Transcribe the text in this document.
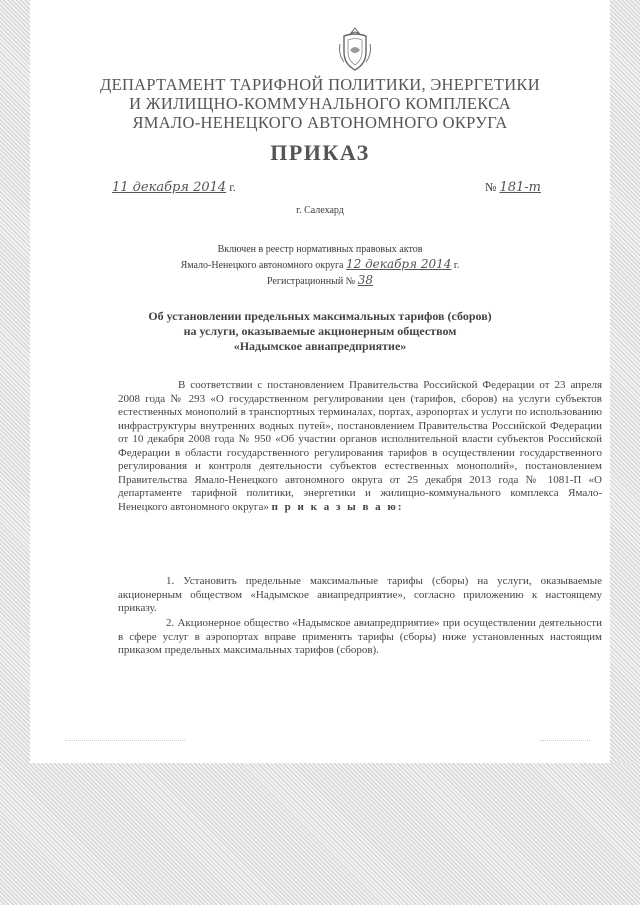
ДЕПАРТАМЕНТ ТАРИФНОЙ ПОЛИТИКИ, ЭНЕРГЕТИКИ
И ЖИЛИЩНО-КОММУНАЛЬНОГО КОМПЛЕКСА
ЯМАЛО-НЕНЕЦКОГО АВТОНОМНОГО ОКРУГА
ПРИКАЗ
11 декабря 2014 г.	№ 181-т
г. Салехард
Включен в реестр нормативных правовых актов
Ямало-Ненецкого автономного округа 12 декабря 2014 г.
Регистрационный № 38
Об установлении предельных максимальных тарифов (сборов)
на услуги, оказываемые акционерным обществом
«Надымское авиапредприятие»
В соответствии с постановлением Правительства Российской Федерации от 23 апреля 2008 года № 293 «О государственном регулировании цен (тарифов, сборов) на услуги субъектов естественных монополий в транспортных терминалах, портах, аэропортах и услуги по использованию инфраструктуры внутренних водных путей», постановлением Правительства Российской Федерации от 10 декабря 2008 года № 950 «Об участии органов исполнительной власти субъектов Российской Федерации в области государственного регулирования тарифов в осуществлении государственного регулирования и контроля деятельности субъектов естественных монополий», постановлением Правительства Ямало-Ненецкого автономного округа от 25 декабря 2013 года № 1081-П «О департаменте тарифной политики, энергетики и жилищно-коммунального комплекса Ямало-Ненецкого автономного округа» п р и к а з ы в а ю:
1. Установить предельные максимальные тарифы (сборы) на услуги, оказываемые акционерным обществом «Надымское авиапредприятие», согласно приложению к настоящему приказу.
2. Акционерное общество «Надымское авиапредприятие» при осуществлении деятельности в сфере услуг в аэропортах вправе применять тарифы (сборы) ниже установленных настоящим приказом предельных максимальных тарифов (сборов).
